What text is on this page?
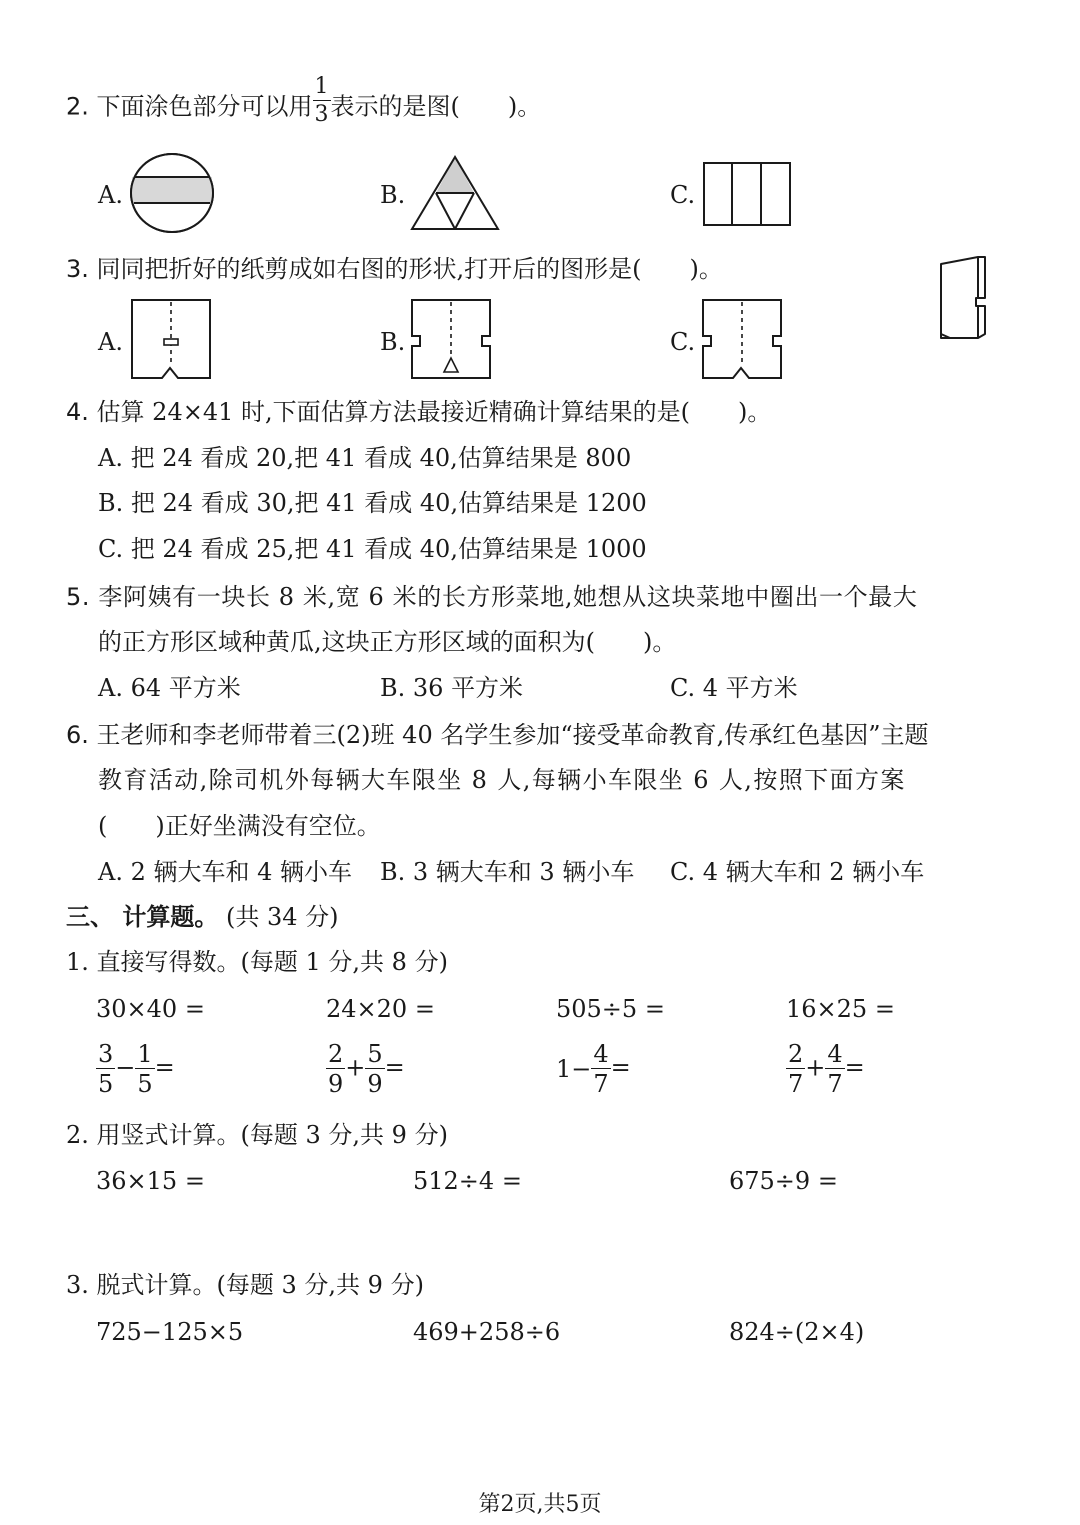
2. 下面涂色部分可以用 $\frac{1}{3}$ 表示的是图(　　)。
A.	B.	C.
3. 同同把折好的纸剪成如右图的形状,打开后的图形是(　　)。
A.	B.	C.
4. 估算 24×41 时,下面估算方法最接近精确计算结果的是(　　)。
A. 把 24 看成 20,把 41 看成 40,估算结果是 800
B. 把 24 看成 30,把 41 看成 40,估算结果是 1200
C. 把 24 看成 25,把 41 看成 40,估算结果是 1000
5. 李阿姨有一块长 8 米,宽 6 米的长方形菜地,她想从这块菜地中圈出一个最大
的正方形区域种黄瓜,这块正方形区域的面积为(　　)。
A. 64 平方米	B. 36 平方米	C. 4 平方米
6. 王老师和李老师带着三(2)班 40 名学生参加“接受革命教育,传承红色基因”主题
教育活动,除司机外每辆大车限坐 8 人,每辆小车限坐 6 人,按照下面方案
(　　)正好坐满没有空位。
A. 2 辆大车和 4 辆小车 B. 3 辆大车和 3 辆小车 C. 4 辆大车和 2 辆小车
三、 计算题。 (共 34 分)
1. 直接写得数。(每题 1 分,共 8 分)
30×40 =	24×20 =	505÷5 =	16×25 =
$\frac{3}{5} - \frac{1}{5}$ =	$\frac{2}{9} + \frac{5}{9}$ =	$1- \frac{4}{7}$ =	$\frac{2}{7} + \frac{4}{7}$ =
2. 用竖式计算。(每题 3 分,共 9 分)
36×15 =	512÷4 =	675÷9 =
3. 脱式计算。(每题 3 分,共 9 分)
725−125×5	469+258÷6	824÷(2×4)
第2页,共5页
